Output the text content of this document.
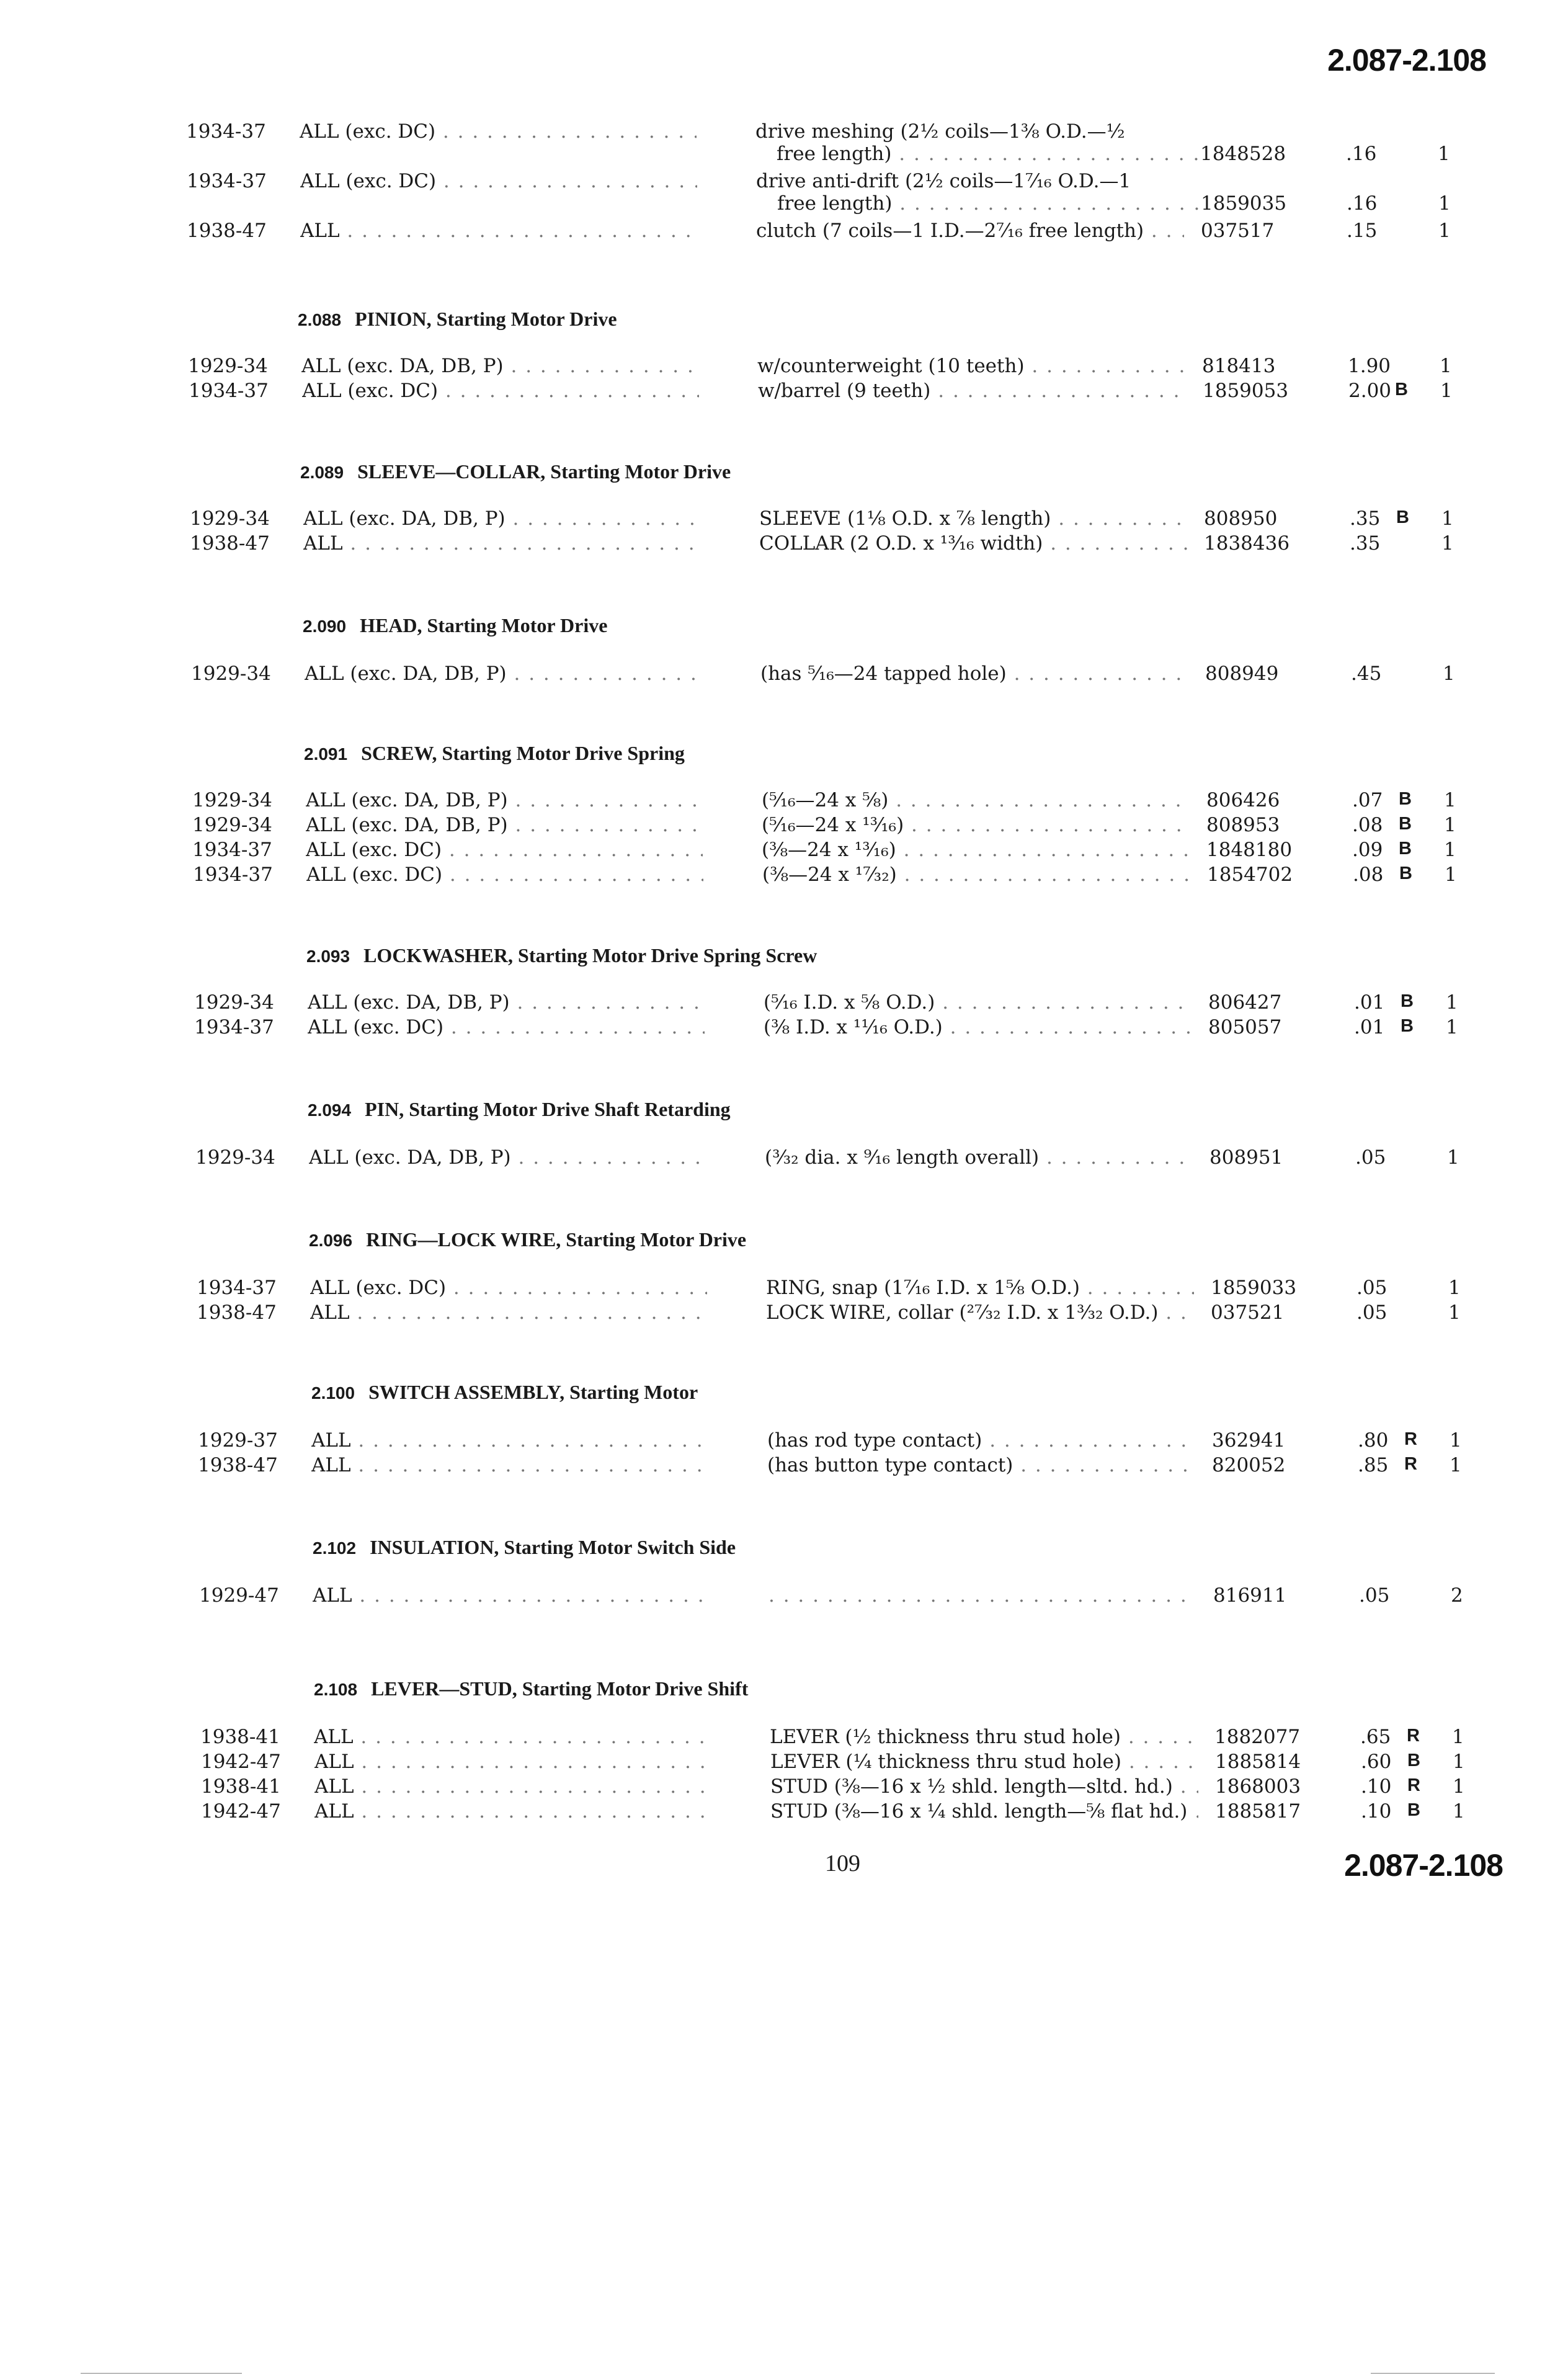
2.087-2.108
1934-37 ALL (exc. DC) . . .	drive meshing (2½ coils—1⅜ O.D.—½
free length) . . .	1848528	.16	1
1934-37 ALL (exc. DC) . . .	drive anti-drift (2½ coils—1⁷⁄₁₆ O.D.—1
free length) . . .	1859035	.16	1
1938-47 ALL . . .	clutch (7 coils—1 I.D.—2⁷⁄₁₆ free length) . . .	037517	.15	1
2.088 PINION, Starting Motor Drive
1929-34 ALL (exc. DA, DB, P) . . .	w/counterweight (10 teeth) . . .	818413	1.90	1
1934-37 ALL (exc. DC) . . .	w/barrel (9 teeth) . . .	1859053	2.00 B 1
2.089 SLEEVE—COLLAR, Starting Motor Drive
1929-34 ALL (exc. DA, DB, P) . . .	SLEEVE (1⅛ O.D. x ⅞ length) . . .	808950	.35 B 1
1938-47 ALL . . .	COLLAR (2 O.D. x ¹³⁄₁₆ width) . . .	1838436	.35	1
2.090 HEAD, Starting Motor Drive
1929-34 ALL (exc. DA, DB, P) . . .	(has ⁵⁄₁₆—24 tapped hole) . . .	808949	.45	1
2.091 SCREW, Starting Motor Drive Spring
1929-34 ALL (exc. DA, DB, P) . . .	(⁵⁄₁₆—24 x ⅝) . . .	806426	.07 B 1
1929-34 ALL (exc. DA, DB, P) . . .	(⁵⁄₁₆—24 x ¹³⁄₁₆) . . .	808953	.08 B 1
1934-37 ALL (exc. DC) . . .	(⅜—24 x ¹³⁄₁₆) . . .	1848180	.09 B 1
1934-37 ALL (exc. DC) . . .	(⅜—24 x ¹⁷⁄₃₂) . . .	1854702	.08 B 1
2.093 LOCKWASHER, Starting Motor Drive Spring Screw
1929-34 ALL (exc. DA, DB, P) . . .	(⁵⁄₁₆ I.D. x ⅝ O.D.) . . .	806427	.01 B 1
1934-37 ALL (exc. DC) . . .	(⅜ I.D. x ¹¹⁄₁₆ O.D.) . . .	805057	.01 B 1
2.094 PIN, Starting Motor Drive Shaft Retarding
1929-34 ALL (exc. DA, DB, P) . . .	(³⁄₃₂ dia. x ⁹⁄₁₆ length overall) . . .	808951	.05	1
2.096 RING—LOCK WIRE, Starting Motor Drive
1934-37 ALL (exc. DC) . . .	RING, snap (1⁷⁄₁₆ I.D. x 1⅝ O.D.) . . .	1859033	.05	1
1938-47 ALL . . .	LOCK WIRE, collar (²⁷⁄₃₂ I.D. x 1³⁄₃₂ O.D.) . . .	037521	.05	1
2.100 SWITCH ASSEMBLY, Starting Motor
1929-37 ALL . . .	(has rod type contact) . . .	362941	.80 R 1
1938-47 ALL . . .	(has button type contact) . . .	820052	.85 R 1
2.102 INSULATION, Starting Motor Switch Side
1929-47 ALL . . .
. . .	816911	.05	2
2.108 LEVER—STUD, Starting Motor Drive Shift
1938-41 ALL . . .	LEVER (½ thickness thru stud hole) . . .	1882077	.65 R 1
1942-47 ALL . . .	LEVER (¼ thickness thru stud hole) . . .	1885814	.60 B 1
1938-41 ALL . . .	STUD (⅜—16 x ½ shld. length—sltd. hd.) . . .	1868003	.10 R 1
1942-47 ALL . . .	STUD (⅜—16 x ¼ shld. length—⅝ flat hd.) . . .	1885817	.10 B 1
109	2.087-2.108
